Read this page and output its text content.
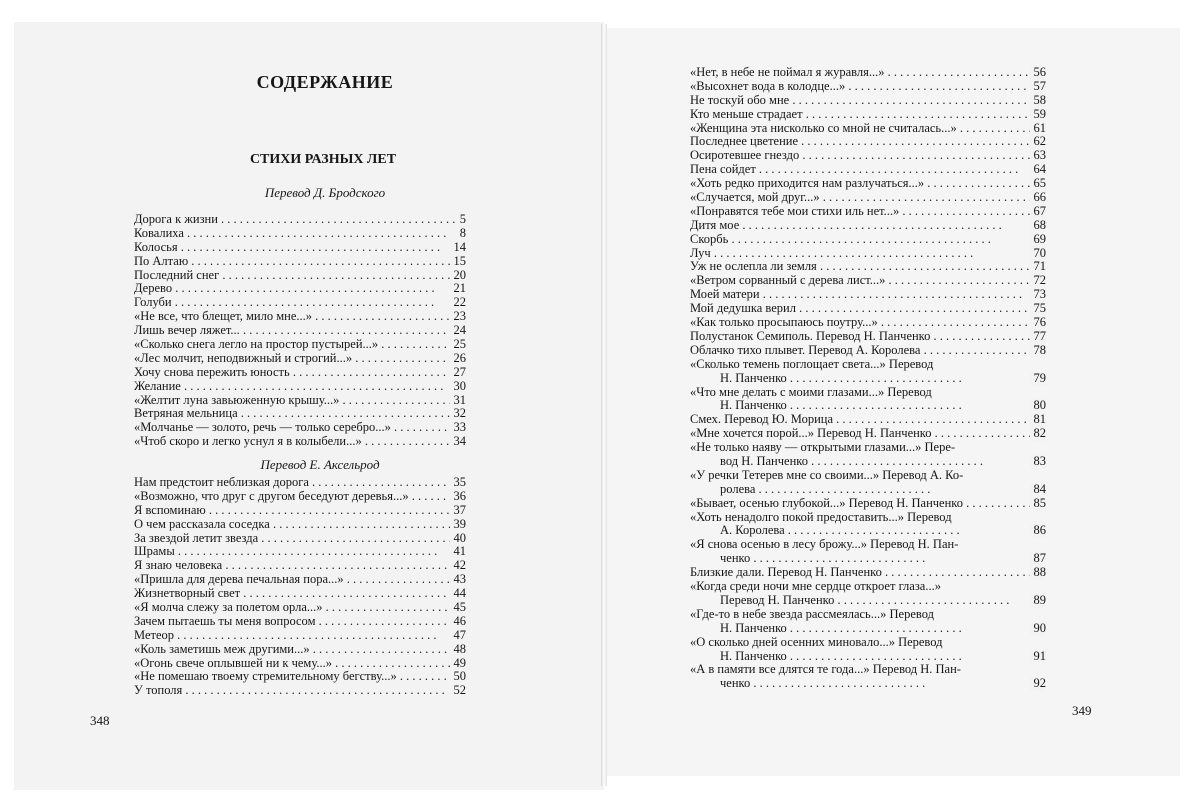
СОДЕРЖАНИЕ
СТИХИ РАЗНЫХ ЛЕТ
Перевод Д. Бродского
Перевод Е. Аксельрод
Дорога к жизни . .	5
Ковалиха . .	8
Колосья . .	14
По Алтаю . .	15
Последний снег . .	20
Дерево . .	21
Голуби . .	22
«Не все, что блещет, мило мне...» . .	23
Лишь вечер ляжет... . .	24
«Сколько снега легло на простор пустырей...» . .	25
«Лес молчит, неподвижный и строгий...» . .	26
Хочу снова пережить юность . .	27
Желание . .	30
«Желтит луна завьюженную крышу...» . .	31
Ветряная мельница . .	32
«Молчанье — золото, речь — только серебро...» . .	33
«Чтоб скоро и легко уснул я в колыбели...» . .	34
Нам предстоит неблизкая дорога . .	35
«Возможно, что друг с другом беседуют деревья...» . .	36
Я вспоминаю . .	37
О чем рассказала соседка . .	39
За звездой летит звезда . .	40
Шрамы . .	41
Я знаю человека . .	42
«Пришла для дерева печальная пора...» . .	43
Жизнетворный свет . .	44
«Я молча слежу за полетом орла...» . .	45
Зачем пытаешь ты меня вопросом . .	46
Метеор . .	47
«Коль заметишь меж другими...» . .	48
«Огонь свече оплывшей ни к чему...» . .	49
«Не помешаю твоему стремительному бегству...» . .	50
У тополя . .	52
«Нет, в небе не поймал я журавля...» . .	56
«Высохнет вода в колодце...» . .	57
Не тоскуй обо мне . .	58
Кто меньше страдает . .	59
«Женщина эта нисколько со мной не считалась...» . .	61
Последнее цветение . .	62
Осиротевшее гнездо . .	63
Пена сойдет . .	64
«Хоть редко приходится нам разлучаться...» . .	65
«Случается, мой друг...» . .	66
«Понравятся тебе мои стихи иль нет...» . .	67
Дитя мое . .	68
Скорбь . .	69
Луч . .	70
Уж не ослепла ли земля . .	71
«Ветром сорванный с дерева лист...» . .	72
Моей матери . .	73
Мой дедушка верил . .	75
«Как только просыпаюсь поутру...» . .	76
Полустанок Семиполь. Перевод Н. Панченко . .	77
Облачко тихо плывет. Перевод А. Королева . .	78
«Сколько темень поглощает света...» Перевод
Н. Панченко . .	79
«Что мне делать с моими глазами...» Перевод
Н. Панченко . .	80
Смех. Перевод Ю. Морица . .	81
«Мне хочется порой...» Перевод Н. Панченко . .	82
«Не только наяву — открытыми глазами...» Пере-
вод Н. Панченко . .	83
«У речки Тетерев мне со своими...» Перевод А. Ко-
ролева . .	84
«Бывает, осенью глубокой...» Перевод Н. Панченко . .	85
«Хоть ненадолго покой предоставить...» Перевод
А. Королева . .	86
«Я снова осенью в лесу брожу...» Перевод Н. Пан-
ченко . .	87
Близкие дали. Перевод Н. Панченко . .	88
«Когда среди ночи мне сердце откроет глаза...»
Перевод Н. Панченко . .	89
«Где-то в небе звезда рассмеялась...» Перевод
Н. Панченко . .	90
«О сколько дней осенних миновало...» Перевод
Н. Панченко . .	91
«А в памяти все длятся те года...» Перевод Н. Пан-
ченко . .	92
348
349
